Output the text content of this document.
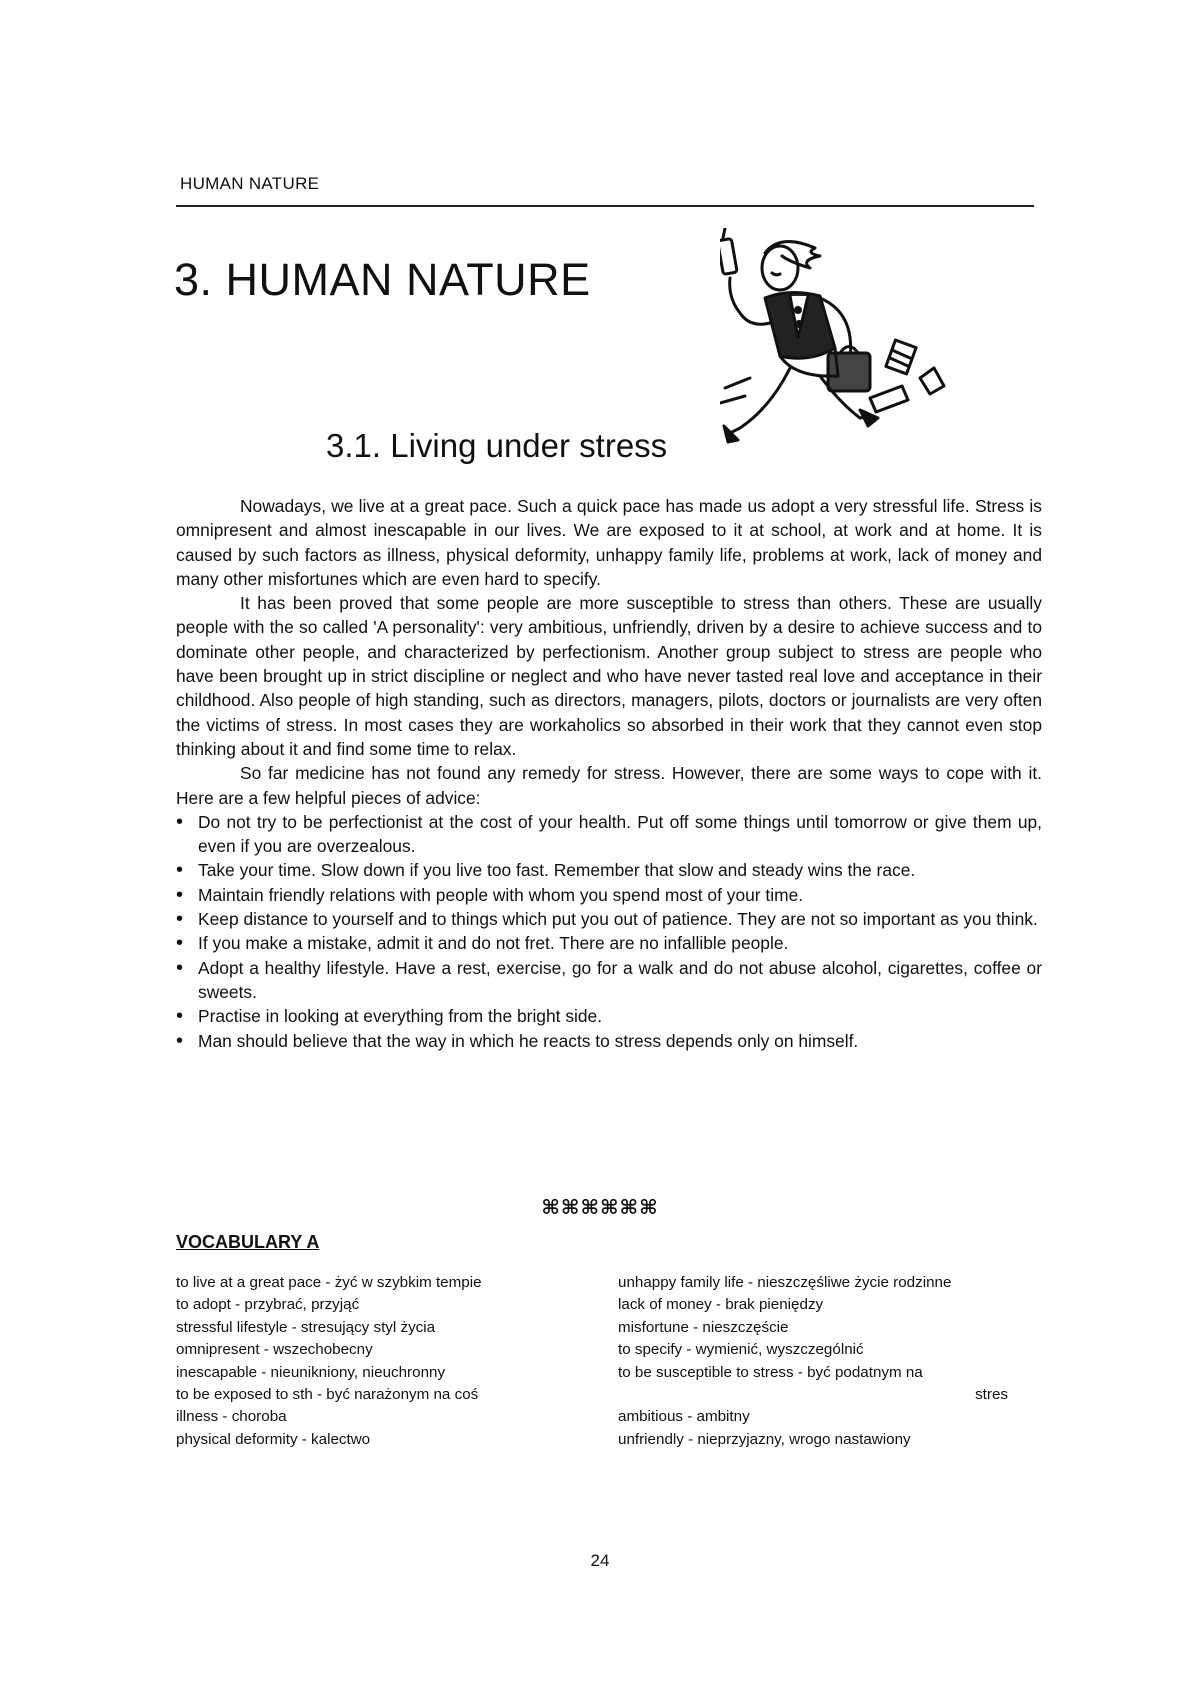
HUMAN NATURE
3. HUMAN NATURE
3.1. Living under stress

Nowadays, we live at a great pace. Such a quick pace has made us adopt a very stressful life. Stress is omnipresent and almost inescapable in our lives. We are exposed to it at school, at work and at home. It is caused by such factors as illness, physical deformity, unhappy family life, problems at work, lack of money and many other misfortunes which are even hard to specify.

It has been proved that some people are more susceptible to stress than others. These are usually people with the so called 'A personality': very ambitious, unfriendly, driven by a desire to achieve success and to dominate other people, and characterized by perfectionism. Another group subject to stress are people who have been brought up in strict discipline or neglect and who have never tasted real love and acceptance in their childhood. Also people of high standing, such as directors, managers, pilots, doctors or journalists are very often the victims of stress. In most cases they are workaholics so absorbed in their work that they cannot even stop thinking about it and find some time to relax.

So far medicine has not found any remedy for stress. However, there are some ways to cope with it. Here are a few helpful pieces of advice:

• Do not try to be perfectionist at the cost of your health. Put off some things until tomorrow or give them up, even if you are overzealous.
• Take your time. Slow down if you live too fast. Remember that slow and steady wins the race.
• Maintain friendly relations with people with whom you spend most of your time.
• Keep distance to yourself and to things which put you out of patience. They are not so important as you think.
• If you make a mistake, admit it and do not fret. There are no infallible people.
• Adopt a healthy lifestyle. Have a rest, exercise, go for a walk and do not abuse alcohol, cigarettes, coffee or sweets.
• Practise in looking at everything from the bright side.
• Man should believe that the way in which he reacts to stress depends only on himself.
⌘⌘⌘⌘⌘⌘
VOCABULARY A
to live at a great pace - żyć w szybkim tempie
to adopt - przybrać, przyjąć
stressful lifestyle - stresujący styl życia
omnipresent - wszechobecny
inescapable - nieunikniony, nieuchronny
to be exposed to sth - być narażonym na coś
illness - choroba
physical deformity - kalectwo
unhappy family life - nieszczęśliwe życie rodzinne
lack of money - brak pieniędzy
misfortune - nieszczęście
to specify - wymienić, wyszczególnić
to be susceptible to stress - być podatnym na
stres
ambitious - ambitny
unfriendly - nieprzyjazny, wrogo nastawiony
24
